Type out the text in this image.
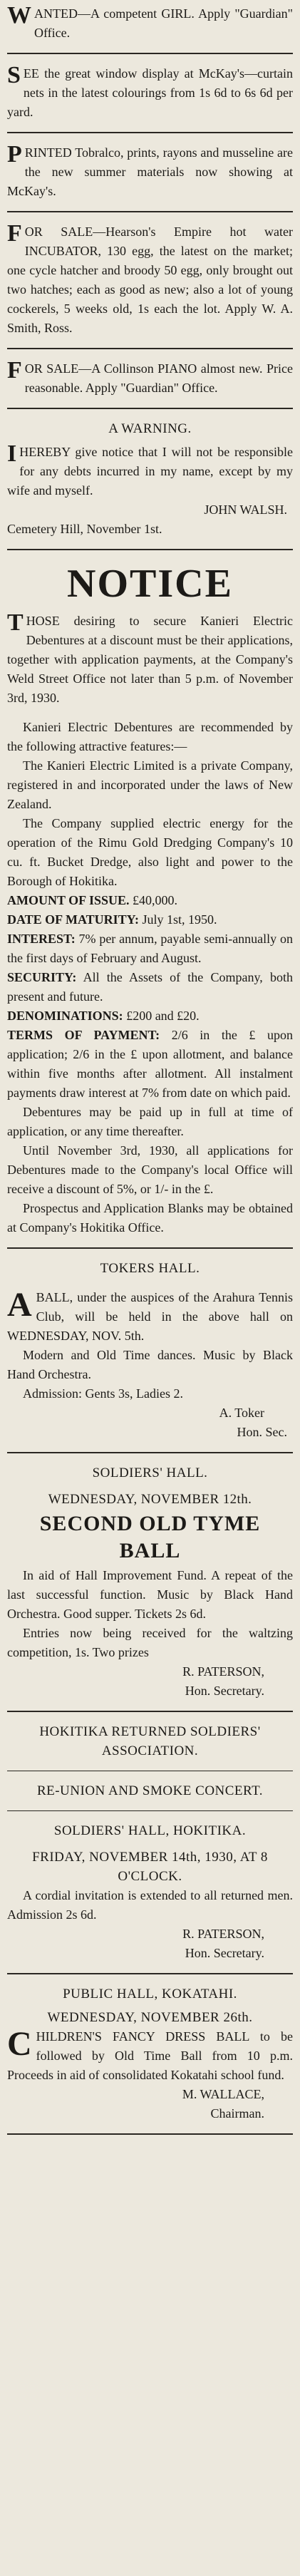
WANTED—A competent GIRL. Apply "Guardian" Office.

SEE the great window display at McKay's—curtain nets in the latest colourings from 1s 6d to 6s 6d per yard.

PRINTED Tobralco, prints, rayons and musseline are the new summer materials now showing at McKay's.

FOR SALE—Hearson's Empire hot water INCUBATOR, 130 egg, the latest on the market; one cycle hatcher and broody 50 egg, only brought out two hatches; each as good as new; also a lot of young cockerels, 5 weeks old, 1s each the lot. Apply W. A. Smith, Ross.

FOR SALE—A Collinson PIANO almost new. Price reasonable. Apply "Guardian" Office.

A WARNING.

IHEREBY give notice that I will not be responsible for any debts incurred in my name, except by my wife and myself.

JOHN WALSH.
Cemetery Hill, November 1st.
NOTICE

THOSE desiring to secure Kanieri Electric Debentures at a discount must be their applications, together with application payments, at the Company's Weld Street Office not later than 5 p.m. of November 3rd, 1930.

Kanieri Electric Debentures are recommended by the following attractive features:—

The Kanieri Electric Limited is a private Company, registered in and incorporated under the laws of New Zealand.

The Company supplied electric energy for the operation of the Rimu Gold Dredging Company's 10 cu. ft. Bucket Dredge, also light and power to the Borough of Hokitika.

AMOUNT OF ISSUE. £40,000.

DATE OF MATURITY: July 1st, 1950.

INTEREST: 7% per annum, payable semi-annually on the first days of February and August.

SECURITY: All the Assets of the Company, both present and future.

DENOMINATIONS: £200 and £20.

TERMS OF PAYMENT: 2/6 in the £ upon application; 2/6 in the £ upon allotment, and balance within five months after allotment. All instalment payments draw interest at 7% from date on which paid.

Debentures may be paid up in full at time of application, or any time thereafter.

Until November 3rd, 1930, all applications for Debentures made to the Company's local Office will receive a discount of 5%, or 1/- in the £.

Prospectus and Application Blanks may be obtained at Company's Hokitika Office.

TOKERS HALL.

ABALL, under the auspices of the Arahura Tennis Club, will be held in the above hall on WEDNESDAY, NOV. 5th.

Modern and Old Time dances. Music by Black Hand Orchestra.

Admission: Gents 3s, Ladies 2.

A. Toker
Hon. Sec.
SOLDIERS' HALL.
WEDNESDAY, NOVEMBER 12th.
SECOND OLD TYME BALL

In aid of Hall Improvement Fund. A repeat of the last successful function. Music by Black Hand Orchestra. Good supper. Tickets 2s 6d.

Entries now being received for the waltzing competition, 1s. Two prizes

R. PATERSON,
Hon. Secretary.
HOKITIKA RETURNED SOLDIERS' ASSOCIATION.
RE-UNION AND SMOKE CONCERT.
SOLDIERS' HALL, HOKITIKA.
FRIDAY, NOVEMBER 14th, 1930, AT 8 O'CLOCK.

A cordial invitation is extended to all returned men. Admission 2s 6d.

R. PATERSON,
Hon. Secretary.
PUBLIC HALL, KOKATAHI.
WEDNESDAY, NOVEMBER 26th.

CHILDREN'S FANCY DRESS BALL to be followed by Old Time Ball from 10 p.m. Proceeds in aid of consolidated Kokatahi school fund.

M. WALLACE,
Chairman.
